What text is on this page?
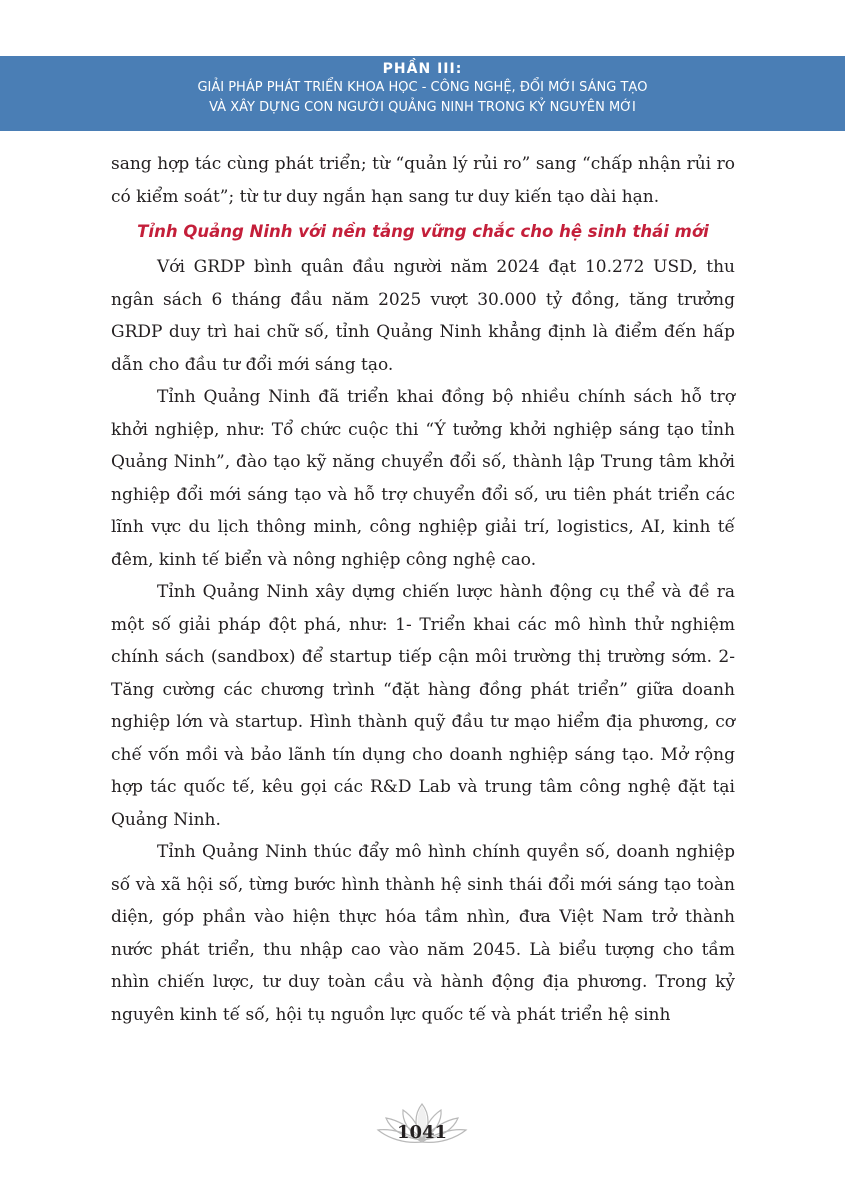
PHẦN III:
GIẢI PHÁP PHÁT TRIỂN KHOA HỌC - CÔNG NGHỆ, ĐỔI MỚI SÁNG TẠO
VÀ XÂY DỰNG CON NGƯỜI QUẢNG NINH TRONG KỶ NGUYÊN MỚI

sang hợp tác cùng phát triển; từ “quản lý rủi ro” sang “chấp nhận rủi ro có kiểm soát”; từ tư duy ngắn hạn sang tư duy kiến tạo dài hạn.

Tỉnh Quảng Ninh với nền tảng vững chắc cho hệ sinh thái mới

Với GRDP bình quân đầu người năm 2024 đạt 10.272 USD, thu ngân sách 6 tháng đầu năm 2025 vượt 30.000 tỷ đồng, tăng trưởng GRDP duy trì hai chữ số, tỉnh Quảng Ninh khẳng định là điểm đến hấp dẫn cho đầu tư đổi mới sáng tạo.

Tỉnh Quảng Ninh đã triển khai đồng bộ nhiều chính sách hỗ trợ khởi nghiệp, như: Tổ chức cuộc thi “Ý tưởng khởi nghiệp sáng tạo tỉnh Quảng Ninh”, đào tạo kỹ năng chuyển đổi số, thành lập Trung tâm khởi nghiệp đổi mới sáng tạo và hỗ trợ chuyển đổi số, ưu tiên phát triển các lĩnh vực du lịch thông minh, công nghiệp giải trí, logistics, AI, kinh tế đêm, kinh tế biển và nông nghiệp công nghệ cao.

Tỉnh Quảng Ninh xây dựng chiến lược hành động cụ thể và đề ra một số giải pháp đột phá, như: 1- Triển khai các mô hình thử nghiệm chính sách (sandbox) để startup tiếp cận môi trường thị trường sớm. 2- Tăng cường các chương trình “đặt hàng đồng phát triển” giữa doanh nghiệp lớn và startup. Hình thành quỹ đầu tư mạo hiểm địa phương, cơ chế vốn mồi và bảo lãnh tín dụng cho doanh nghiệp sáng tạo. Mở rộng hợp tác quốc tế, kêu gọi các R&D Lab và trung tâm công nghệ đặt tại Quảng Ninh.

Tỉnh Quảng Ninh thúc đẩy mô hình chính quyền số, doanh nghiệp số và xã hội số, từng bước hình thành hệ sinh thái đổi mới sáng tạo toàn diện, góp phần vào hiện thực hóa tầm nhìn, đưa Việt Nam trở thành nước phát triển, thu nhập cao vào năm 2045. Là biểu tượng cho tầm nhìn chiến lược, tư duy toàn cầu và hành động địa phương. Trong kỷ nguyên kinh tế số, hội tụ nguồn lực quốc tế và phát triển hệ sinh

1041
